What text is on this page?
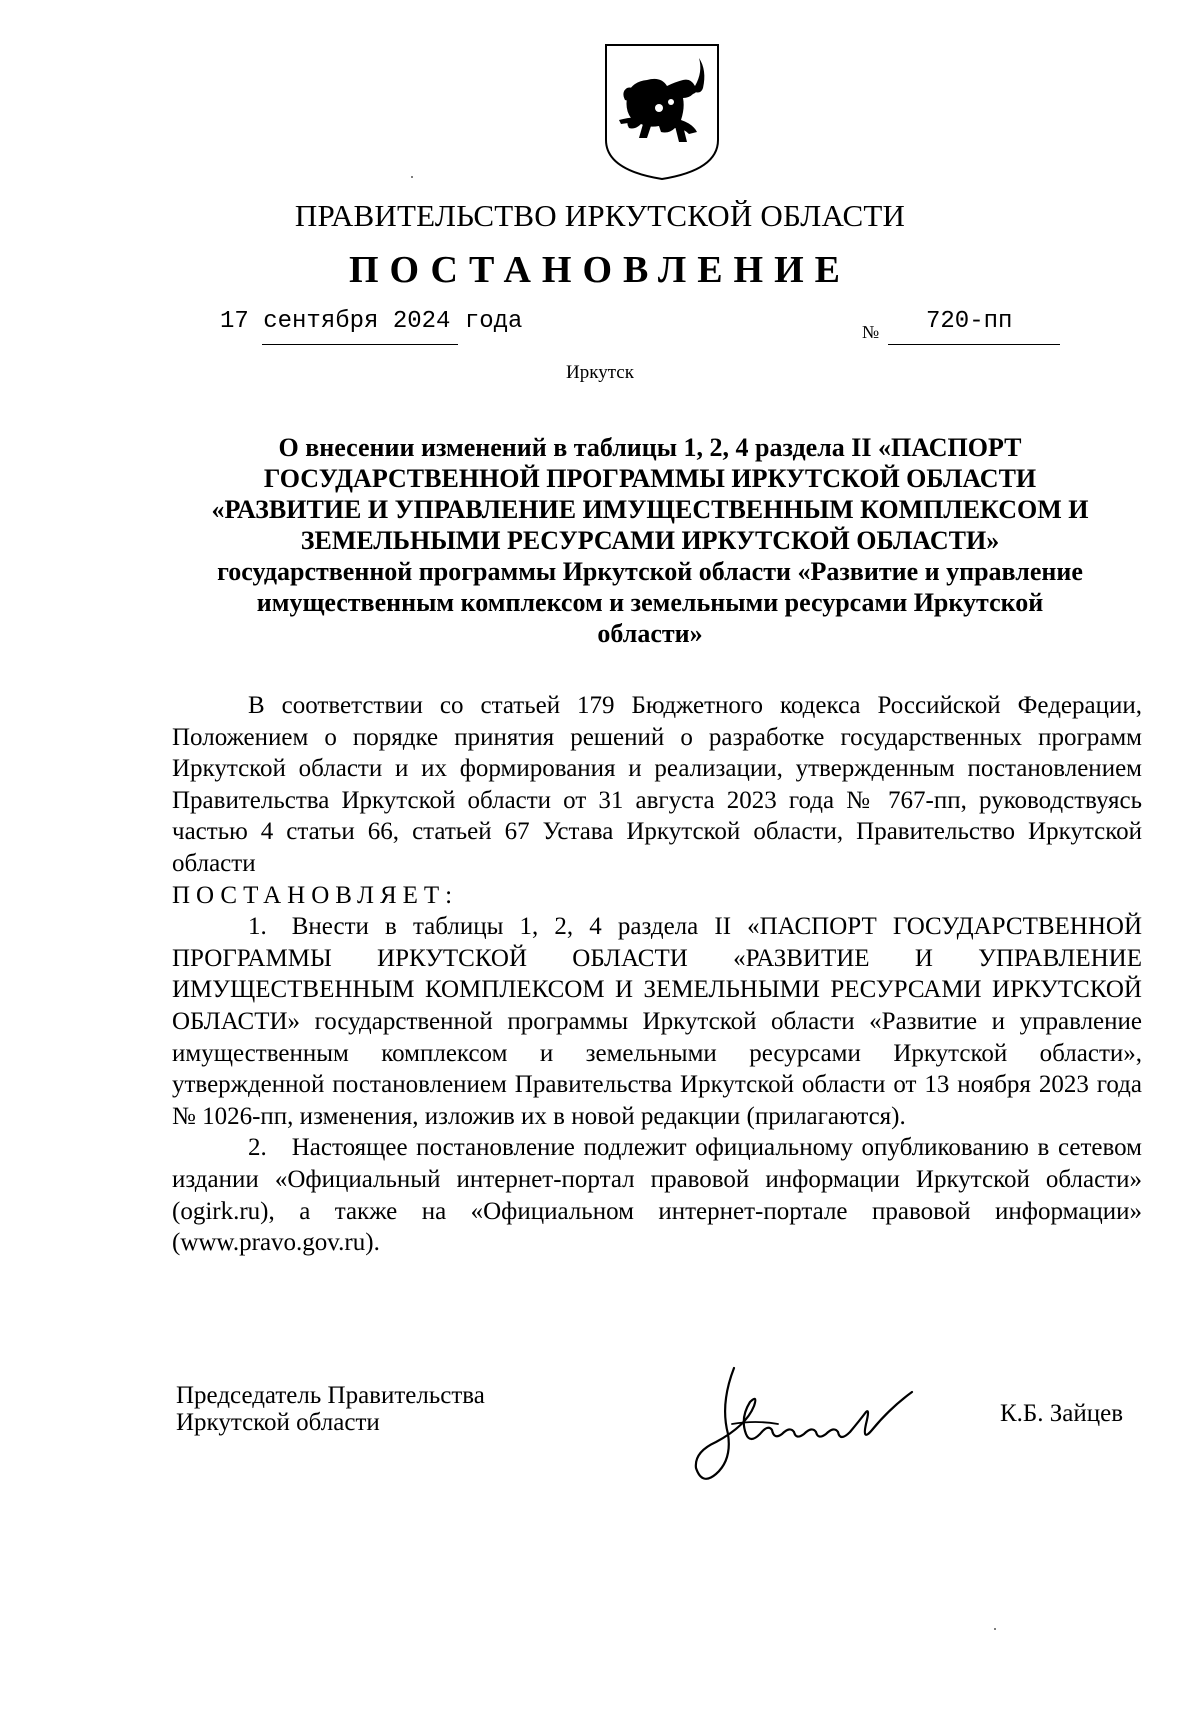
ПРАВИТЕЛЬСТВО ИРКУТСКОЙ ОБЛАСТИ
ПОСТАНОВЛЕНИЕ
17 сентября 2024 года	№ 720-пп
Иркутск
О внесении изменений в таблицы 1, 2, 4 раздела II «ПАСПОРТ
ГОСУДАРСТВЕННОЙ ПРОГРАММЫ ИРКУТСКОЙ ОБЛАСТИ
«РАЗВИТИЕ И УПРАВЛЕНИЕ ИМУЩЕСТВЕННЫМ КОМПЛЕКСОМ И
ЗЕМЕЛЬНЫМИ РЕСУРСАМИ ИРКУТСКОЙ ОБЛАСТИ»
государственной программы Иркутской области «Развитие и управление
имущественным комплексом и земельными ресурсами Иркутской
области»

В соответствии со статьей 179 Бюджетного кодекса Российской Федерации, Положением о порядке принятия решений о разработке государственных программ Иркутской области и их формирования и реализации, утвержденным постановлением Правительства Иркутской области от 31 августа 2023 года № 767-пп, руководствуясь частью 4 статьи 66, статьей 67 Устава Иркутской области, Правительство Иркутской области

ПОСТАНОВЛЯЕТ:

1. Внести в таблицы 1, 2, 4 раздела II «ПАСПОРТ ГОСУДАРСТВЕННОЙ ПРОГРАММЫ ИРКУТСКОЙ ОБЛАСТИ «РАЗВИТИЕ И УПРАВЛЕНИЕ ИМУЩЕСТВЕННЫМ КОМПЛЕКСОМ И ЗЕМЕЛЬНЫМИ РЕСУРСАМИ ИРКУТСКОЙ ОБЛАСТИ» государственной программы Иркутской области «Развитие и управление имущественным комплексом и земельными ресурсами Иркутской области», утвержденной постановлением Правительства Иркутской области от 13 ноября 2023 года № 1026-пп, изменения, изложив их в новой редакции (прилагаются).

2. Настоящее постановление подлежит официальному опубликованию в сетевом издании «Официальный интернет-портал правовой информации Иркутской области» (ogirk.ru), а также на «Официальном интернет-портале правовой информации» (www.pravo.gov.ru).

Председатель Правительства
Иркутской области	К.Б. Зайцев
